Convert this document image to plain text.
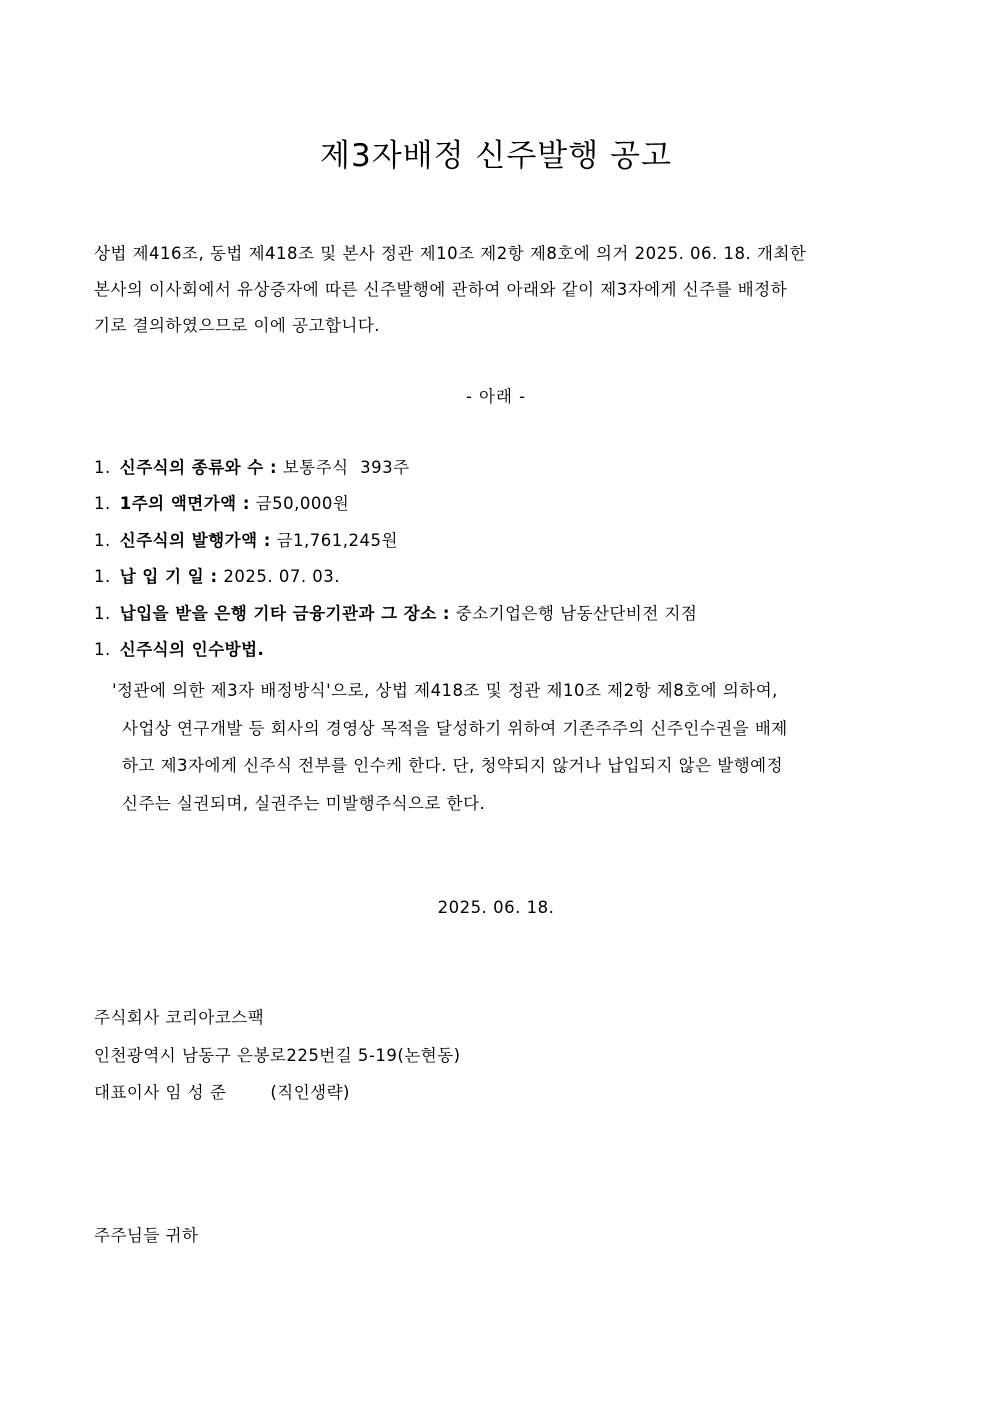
제3자배정 신주발행 공고
상법 제416조, 동법 제418조 및 본사 정관 제10조 제2항 제8호에 의거 2025. 06. 18. 개최한
본사의 이사회에서 유상증자에 따른 신주발행에 관하여 아래와 같이 제3자에게 신주를 배정하
기로 결의하였으므로 이에 공고합니다.
- 아래 -
1. 신주식의 종류와 수 : 보통주식  393주
1. 1주의 액면가액 : 금50,000원
1. 신주식의 발행가액 : 금1,761,245원
1. 납 입 기 일 : 2025. 07. 03.
1. 납입을 받을 은행 기타 금융기관과 그 장소 : 중소기업은행 남동산단비전 지점
1. 신주식의 인수방법.
'정관에 의한 제3자 배정방식'으로, 상법 제418조 및 정관 제10조 제2항 제8호에 의하여,
사업상 연구개발 등 회사의 경영상 목적을 달성하기 위하여 기존주주의 신주인수권을 배제
하고 제3자에게 신주식 전부를 인수케 한다. 단, 청약되지 않거나 납입되지 않은 발행예정
신주는 실권되며, 실권주는 미발행주식으로 한다.
2025. 06. 18.
주식회사 코리아코스팩
인천광역시 남동구 은봉로225번길 5-19(논현동)
대표이사 임 성 준	(직인생략)
주주님들 귀하
